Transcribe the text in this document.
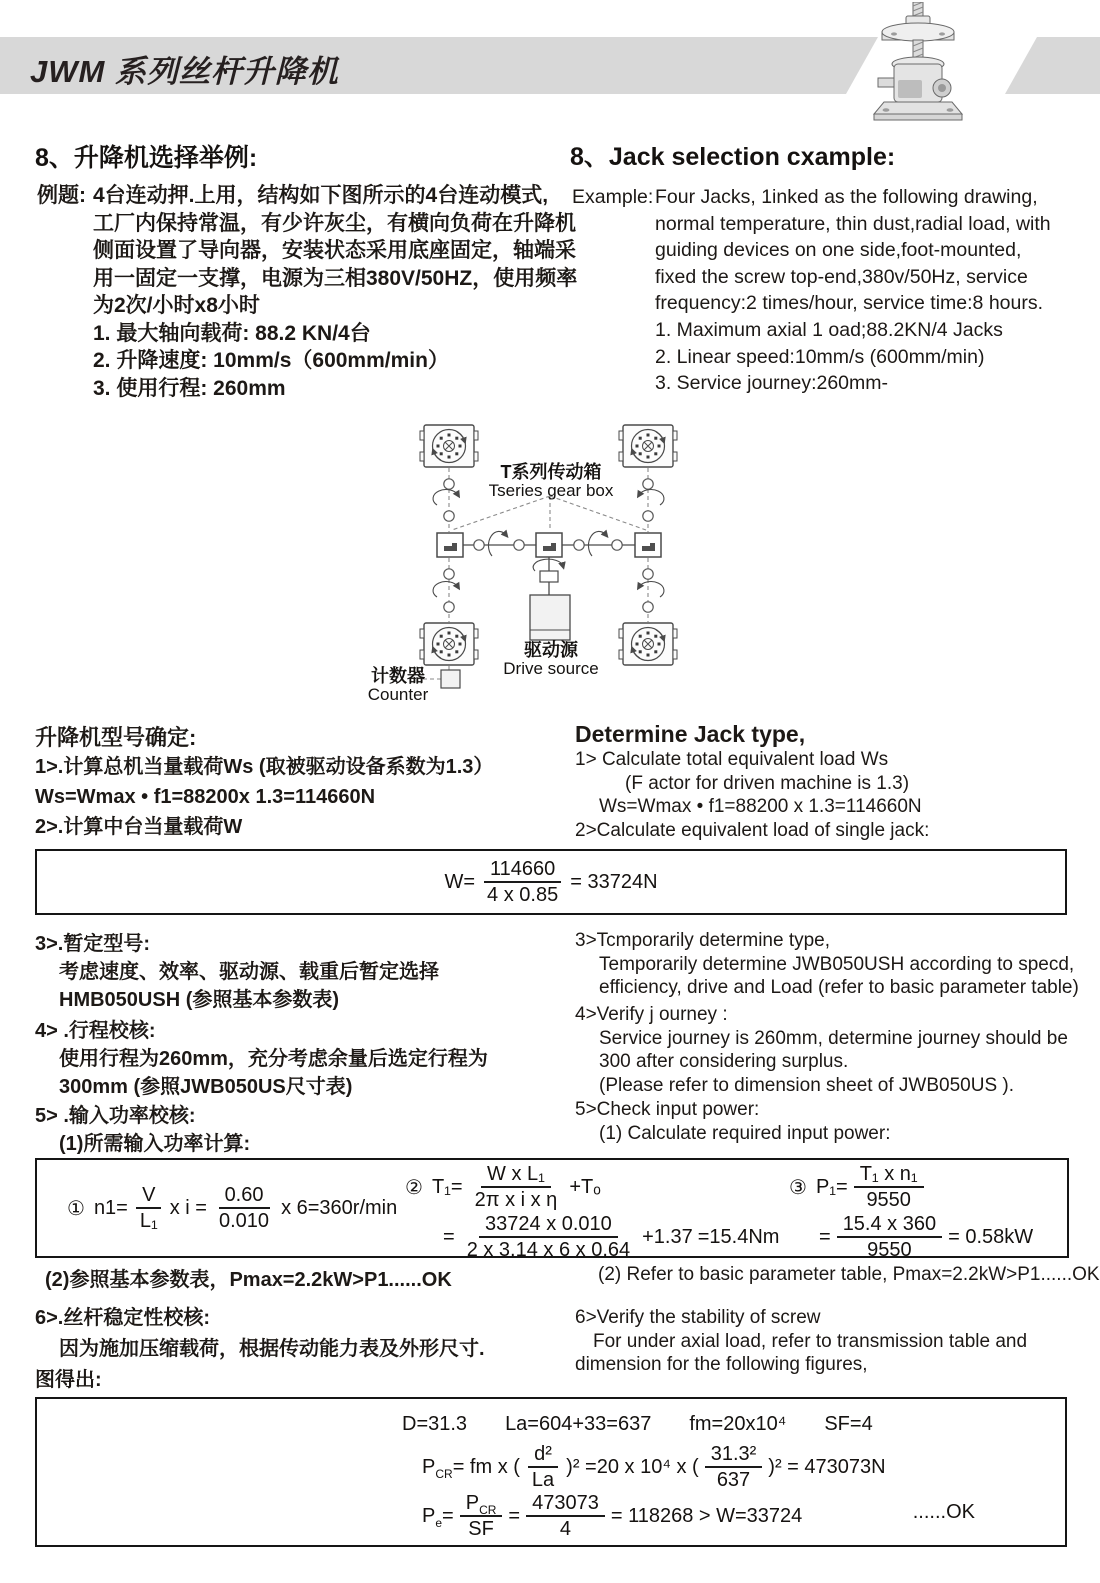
JWM 系列丝杆升降机
8、升降机选择举例:	8、Jack selection cxample:
例题: 4台连动押.上用，结构如下图所示的4台连动模式,
工厂内保持常温，有少许灰尘，有横向负荷在升降机
侧面设置了导向器，安装状态采用底座固定，轴端采
用一固定一支撑，电源为三相380V/50HZ，使用频率
为2次/小时x8小时
1. 最大轴向载荷: 88.2 KN/4台
2. 升降速度: 10mm/s（600mm/min）
3. 使用行程: 260mm
Example: Four Jacks, 1inked as the following drawing,
normal temperature, thin dust,radial load, with
guiding devices on one side,foot-mounted,
fixed the screw top-end,380v/50Hz, service
frequency:2 times/hour, service time:8 hours.
1. Maximum axial 1 oad;88.2KN/4 Jacks
2. Linear speed:10mm/s (600mm/min)
3. Service journey:260mm-
T系列传动箱
Tseries gear box
驱动源
Drive source
计数器
Counter
升降机型号确定:
1>.计算总机当量载荷Ws (取被驱动设备系数为1.3）
Ws=Wmax • f1=88200x 1.3=114660N
2>.计算中台当量载荷W
Determine Jack type,
1> Calculate total equivalent load Ws
(F actor for driven machine is 1.3)
Ws=Wmax • f1=88200 x 1.3=114660N
2>Calculate equivalent load of single jack:
$W= \frac{114660}{4 x 0.85} = 33724N$
3>.暂定型号:
考虑速度、效率、驱动源、载重后暂定选择
HMB050USH (参照基本参数表)
4> .行程校核:
使用行程为260mm，充分考虑余量后选定行程为
300mm (参照JWB050US尺寸表)
5> .输入功率校核:
(1)所需输入功率计算:
3>Tcmporarily determine type,
Temporarily determine JWB050USH according to specd,
efficiency, drive and Load (refer to basic parameter table)
4>Verify j ourney :
Service journey is 260mm, determine journey should be
300 after considering surplus.
(Please refer to dimension sheet of JWB050US ).
5>Check input power:
(1) Calculate required input power:
① $n1= \frac{V}{\text{L₁}}$ x $i = \frac{0.60}{0.010}$ x 6=360r/min
② $T_1= \frac{\text{W x L₁}}{\text{2π x i x η}} +T_o$
= $\frac{33724 x 0.010}{2 x 3.14 x 6 x 0.64} +1.37 =15.4Nm$
③ $P_1= \frac{\text{T₁ x n₁}}{9550}$
= $\frac{15.4 x 360}{9550} = 0.58kW$
(2)参照基本参数表，Pmax=2.2kW>P1......OK	(2) Refer to basic parameter table, Pmax=2.2kW>P1......OK
6>.丝杆稳定性校核:
因为施加压缩载荷，根据传动能力表及外形尺寸.
图得出:
6>Verify the stability of screw
For under axial load, refer to transmission table and
dimension for the following figures,
D=31.3 La=604+33=637 fm=20x10⁴ SF=4
$P_{CR}$ = fm x ( $\frac{\text{d²}}{La} )^2 =20$ x 10⁴ x ( $\frac{\text{31.3²}}{637} )^2 = 473073N$
$P_e = \frac{P_{CR}}{SF} = \frac{473073}{4} = 118268 > W=33724$	......OK
